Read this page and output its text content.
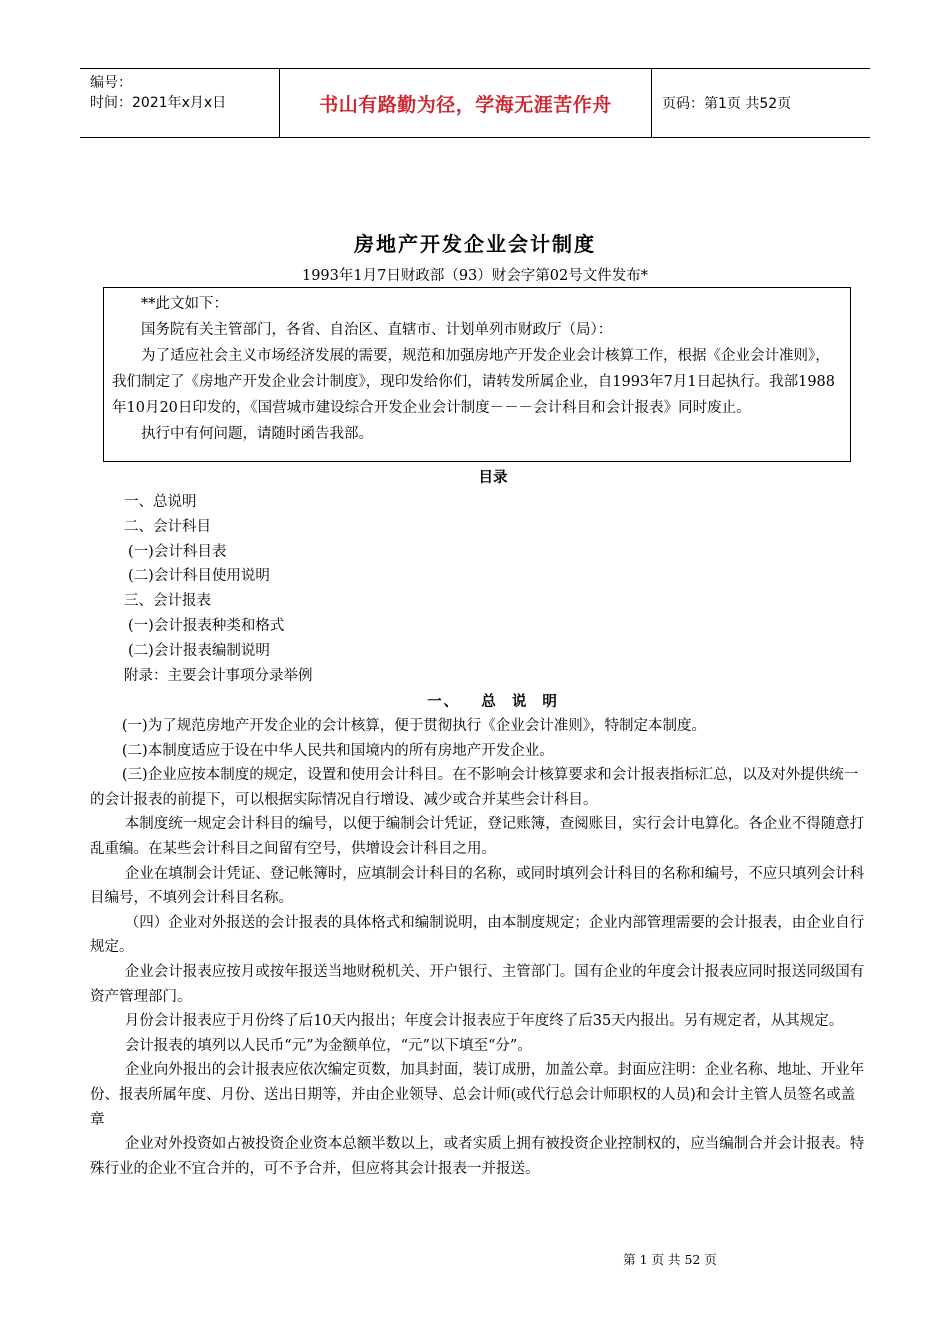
编号：
时间：2021年x月x日	书山有路勤为径，学海无涯苦作舟	页码：第1页 共52页
房地产开发企业会计制度
1993年1月7日财政部（93）财会字第02号文件发布*

**此文如下：

国务院有关主管部门，各省、自治区、直辖市、计划单列市财政厅（局）：

为了适应社会主义市场经济发展的需要，规范和加强房地产开发企业会计核算工作，根据《企业会计准则》，我们制定了《房地产开发企业会计制度》，现印发给你们，请转发所属企业，自1993年7月1日起执行。我部1988年10月20日印发的，《国营城市建设综合开发企业会计制度－－－会计科目和会计报表》同时废止。

执行中有何问题，请随时函告我部。

目录
一、总说明
二、会计科目
(一)会计科目表
(二)会计科目使用说明
三、会计报表
(一)会计报表种类和格式
(二)会计报表编制说明
附录：主要会计事项分录举例
一、   总  说  明

(一)为了规范房地产开发企业的会计核算，便于贯彻执行《企业会计准则》，特制定本制度。

(二)本制度适应于设在中华人民共和国境内的所有房地产开发企业。

(三)企业应按本制度的规定，设置和使用会计科目。在不影响会计核算要求和会计报表指标汇总，以及对外提供统一的会计报表的前提下，可以根据实际情况自行增设、减少或合并某些会计科目。

本制度统一规定会计科目的编号，以便于编制会计凭证，登记账簿，查阅账目，实行会计电算化。各企业不得随意打乱重编。在某些会计科目之间留有空号，供增设会计科目之用。

企业在填制会计凭证、登记帐簿时，应填制会计科目的名称，或同时填列会计科目的名称和编号，不应只填列会计科目编号，不填列会计科目名称。

（四）企业对外报送的会计报表的具体格式和编制说明，由本制度规定；企业内部管理需要的会计报表，由企业自行规定。

企业会计报表应按月或按年报送当地财税机关、开户银行、主管部门。国有企业的年度会计报表应同时报送同级国有资产管理部门。

月份会计报表应于月份终了后10天内报出；年度会计报表应于年度终了后35天内报出。另有规定者，从其规定。

会计报表的填列以人民币“元”为金额单位，“元”以下填至“分”。

企业向外报出的会计报表应依次编定页数，加具封面，装订成册，加盖公章。封面应注明：企业名称、地址、开业年份、报表所属年度、月份、送出日期等，并由企业领导、总会计师(或代行总会计师职权的人员)和会计主管人员签名或盖章

企业对外投资如占被投资企业资本总额半数以上，或者实质上拥有被投资企业控制权的，应当编制合并会计报表。特殊行业的企业不宜合并的，可不予合并，但应将其会计报表一并报送。

第 1 页 共 52 页
